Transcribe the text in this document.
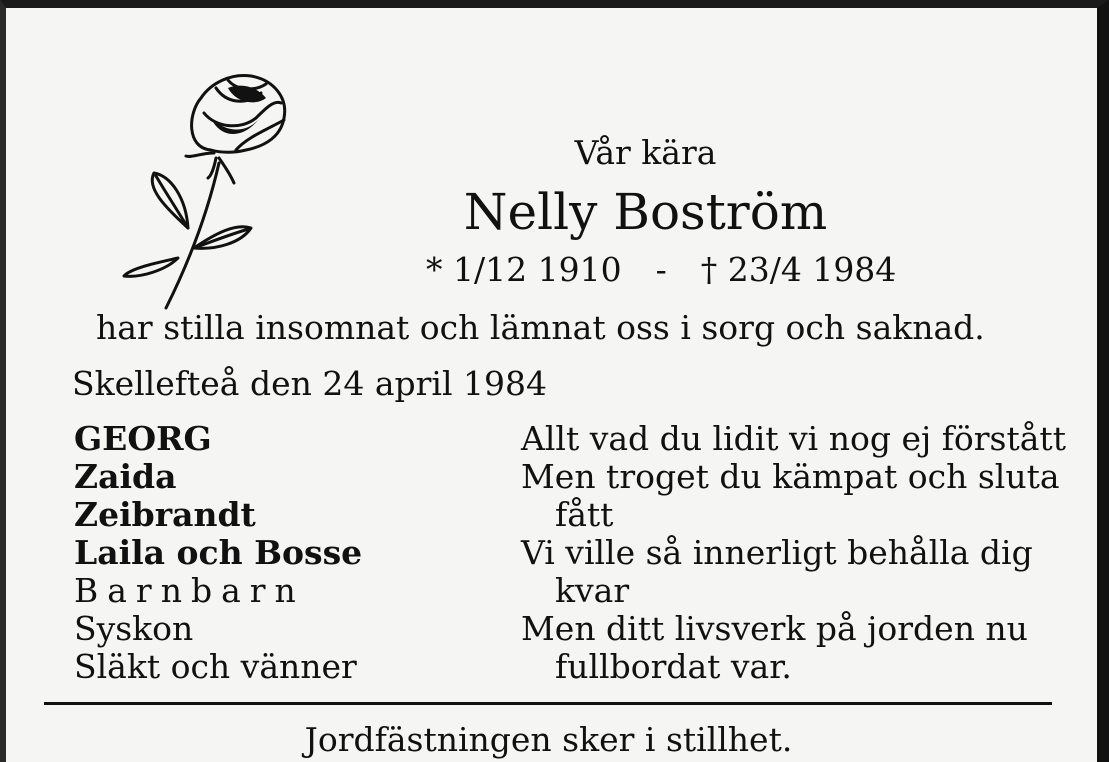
Vår kära
Nelly Boström
* 1/12 1910 - † 23/4 1984
har stilla insomnat och lämnat oss i sorg och saknad.
Skellefteå den 24 april 1984
GEORG
Zaida
Zeibrandt
Laila och Bosse
Barnbarn
Syskon
Släkt och vänner
Allt vad du lidit vi nog ej förstått
Men troget du kämpat och sluta
fått
Vi ville så innerligt behålla dig
kvar
Men ditt livsverk på jorden nu
fullbordat var.
Jordfästningen sker i stillhet.
